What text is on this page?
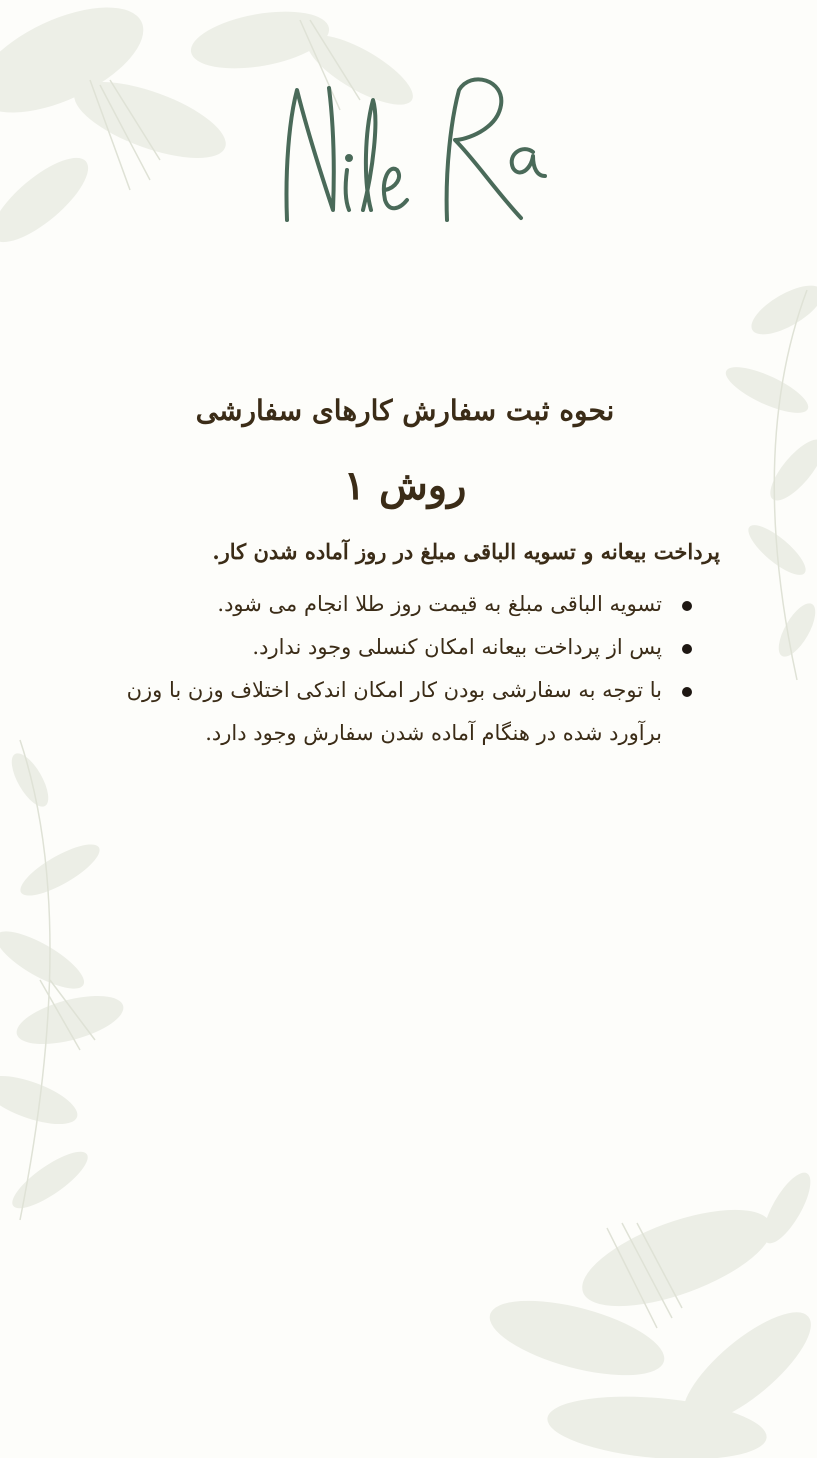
نحوه ثبت سفارش کارهای سفارشی
روش ۱

پرداخت بیعانه و تسویه الباقی مبلغ در روز آماده شدن کار.

تسویه الباقی مبلغ به قیمت روز طلا انجام می شود.
پس از پرداخت بیعانه امکان کنسلی وجود ندارد.
با توجه به سفارشی بودن کار امکان اندکی اختلاف وزن با وزن برآورد شده در هنگام آماده شدن سفارش وجود دارد.
